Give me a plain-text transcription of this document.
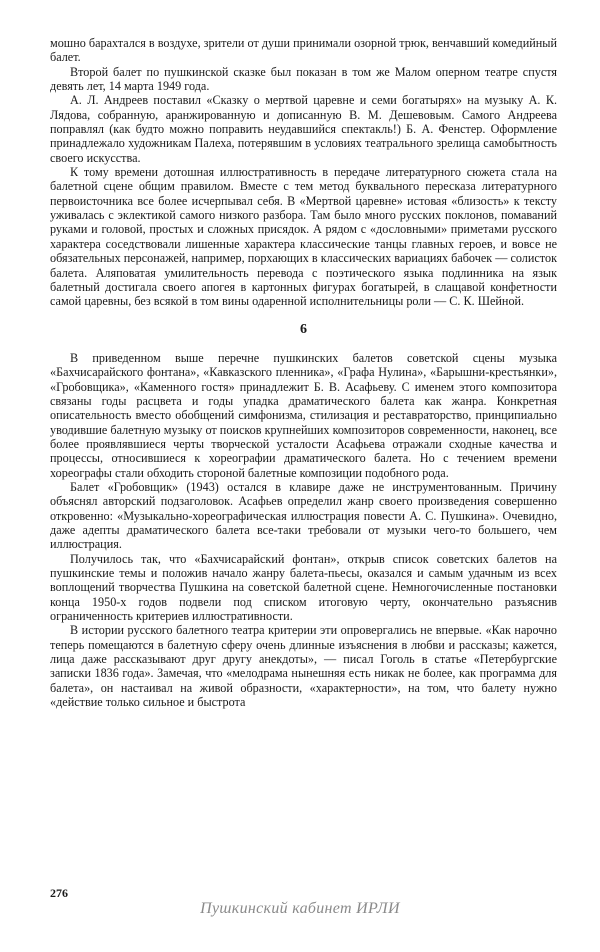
мошно барахтался в воздухе, зрители от души принимали озорной трюк, венчавший комедийный балет.

Второй балет по пушкинской сказке был показан в том же Малом оперном театре спустя девять лет, 14 марта 1949 года.

А. Л. Андреев поставил «Сказку о мертвой царевне и семи богатырях» на музыку А. К. Лядова, собранную, аранжированную и дописанную В. М. Дешевовым. Самого Андреева поправлял (как будто можно поправить неудавшийся спектакль!) Б. А. Фенстер. Оформление принадлежало художникам Палеха, потерявшим в условиях театрального зрелища самобытность своего искусства.

К тому времени дотошная иллюстративность в передаче литературного сюжета стала на балетной сцене общим правилом. Вместе с тем метод буквального пересказа литературного первоисточника все более исчерпывал себя. В «Мертвой царевне» истовая «близость» к тексту уживалась с эклектикой самого низкого разбора. Там было много русских поклонов, помаваний руками и головой, простых и сложных присядок. А рядом с «дословными» приметами русского характера соседствовали лишенные характера классические танцы главных героев, и вовсе не обязательных персонажей, например, порхающих в классических вариациях бабочек — солисток балета. Аляповатая умилительность перевода с поэтического языка подлинника на язык балетный достигала своего апогея в картонных фигурах богатырей, в слащавой конфетности самой царевны, без всякой в том вины одаренной исполнительницы роли — С. К. Шейной.

6

В приведенном выше перечне пушкинских балетов советской сцены музыка «Бахчисарайского фонтана», «Кавказского пленника», «Графа Нулина», «Барышни-крестьянки», «Гробовщика», «Каменного гостя» принадлежит Б. В. Асафьеву. С именем этого композитора связаны годы расцвета и годы упадка драматического балета как жанра. Конкретная описательность вместо обобщений симфонизма, стилизация и реставраторство, принципиально уводившие балетную музыку от поисков крупнейших композиторов современности, наконец, все более проявлявшиеся черты творческой усталости Асафьева отражали сходные качества и процессы, относившиеся к хореографии драматического балета. Но с течением времени хореографы стали обходить стороной балетные композиции подобного рода.

Балет «Гробовщик» (1943) остался в клавире даже не инструментованным. Причину объяснял авторский подзаголовок. Асафьев определил жанр своего произведения совершенно откровенно: «Музыкально-хореографическая иллюстрация повести А. С. Пушкина». Очевидно, даже адепты драматического балета все-таки требовали от музыки чего-то большего, чем иллюстрация.

Получилось так, что «Бахчисарайский фонтан», открыв список советских балетов на пушкинские темы и положив начало жанру балета-пьесы, оказался и самым удачным из всех воплощений творчества Пушкина на советской балетной сцене. Немногочисленные постановки конца 1950-х годов подвели под списком итоговую черту, окончательно разъяснив ограниченность критериев иллюстративности.

В истории русского балетного театра критерии эти опровергались не впервые. «Как нарочно теперь помещаются в балетную сферу очень длинные изъяснения в любви и рассказы; кажется, лица даже рассказывают друг другу анекдоты», — писал Гоголь в статье «Петербургские записки 1836 года». Замечая, что «мелодрама нынешняя есть никак не более, как программа для балета», он настаивал на живой образности, «характерности», на том, что балету нужно «действие только сильное и быстрота

276
Пушкинский кабинет ИРЛИ
